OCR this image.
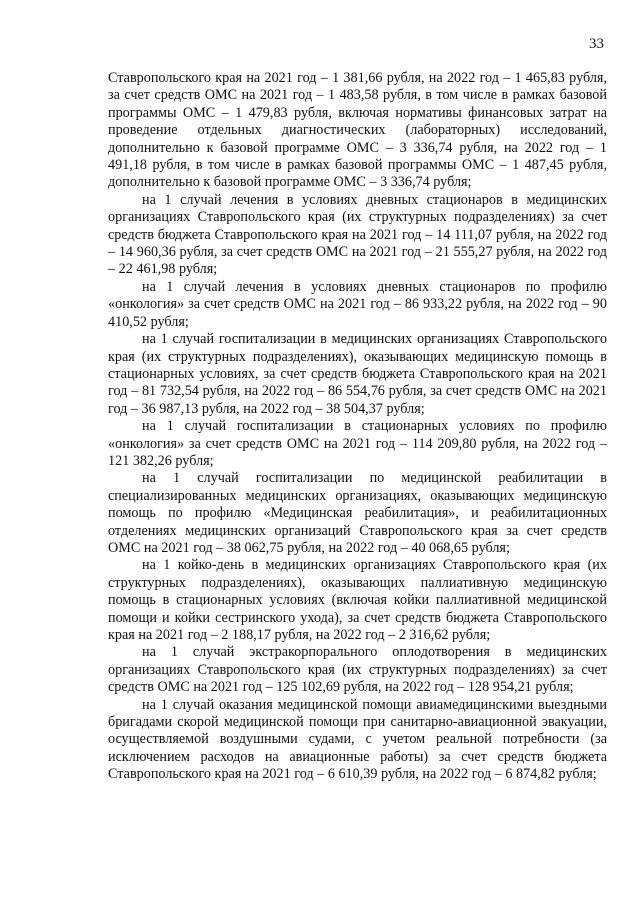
33

Ставропольского края на 2021 год – 1 381,66 рубля, на 2022 год – 1 465,83 рубля, за счет средств ОМС на 2021 год – 1 483,58 рубля, в том числе в рамках базовой программы ОМС – 1 479,83 рубля, включая нормативы финансовых затрат на проведение отдельных диагностических (лабораторных) исследований, дополнительно к базовой программе ОМС – 3 336,74 рубля, на 2022 год – 1 491,18 рубля, в том числе в рамках базовой программы ОМС – 1 487,45 рубля, дополнительно к базовой программе ОМС – 3 336,74 рубля;

на 1 случай лечения в условиях дневных стационаров в медицинских организациях Ставропольского края (их структурных подразделениях) за счет средств бюджета Ставропольского края на 2021 год – 14 111,07 рубля, на 2022 год – 14 960,36 рубля, за счет средств ОМС на 2021 год – 21 555,27 рубля, на 2022 год – 22 461,98 рубля;

на 1 случай лечения в условиях дневных стационаров по профилю «онкология» за счет средств ОМС на 2021 год – 86 933,22 рубля, на 2022 год – 90 410,52 рубля;

на 1 случай госпитализации в медицинских организациях Ставропольского края (их структурных подразделениях), оказывающих медицинскую помощь в стационарных условиях, за счет средств бюджета Ставропольского края на 2021 год – 81 732,54 рубля, на 2022 год – 86 554,76 рубля, за счет средств ОМС на 2021 год – 36 987,13 рубля, на 2022 год – 38 504,37 рубля;

на 1 случай госпитализации в стационарных условиях по профилю «онкология» за счет средств ОМС на 2021 год – 114 209,80 рубля, на 2022 год – 121 382,26 рубля;

на 1 случай госпитализации по медицинской реабилитации в специализированных медицинских организациях, оказывающих медицинскую помощь по профилю «Медицинская реабилитация», и реабилитационных отделениях медицинских организаций Ставропольского края за счет средств ОМС на 2021 год – 38 062,75 рубля, на 2022 год – 40 068,65 рубля;

на 1 койко-день в медицинских организациях Ставропольского края (их структурных подразделениях), оказывающих паллиативную медицинскую помощь в стационарных условиях (включая койки паллиативной медицинской помощи и койки сестринского ухода), за счет средств бюджета Ставропольского края на 2021 год – 2 188,17 рубля, на 2022 год – 2 316,62 рубля;

на 1 случай экстракорпорального оплодотворения в медицинских организациях Ставропольского края (их структурных подразделениях) за счет средств ОМС на 2021 год – 125 102,69 рубля, на 2022 год – 128 954,21 рубля;

на 1 случай оказания медицинской помощи авиамедицинскими выездными бригадами скорой медицинской помощи при санитарно-авиационной эвакуации, осуществляемой воздушными судами, с учетом реальной потребности (за исключением расходов на авиационные работы) за счет средств бюджета Ставропольского края на 2021 год – 6 610,39 рубля, на 2022 год – 6 874,82 рубля;
